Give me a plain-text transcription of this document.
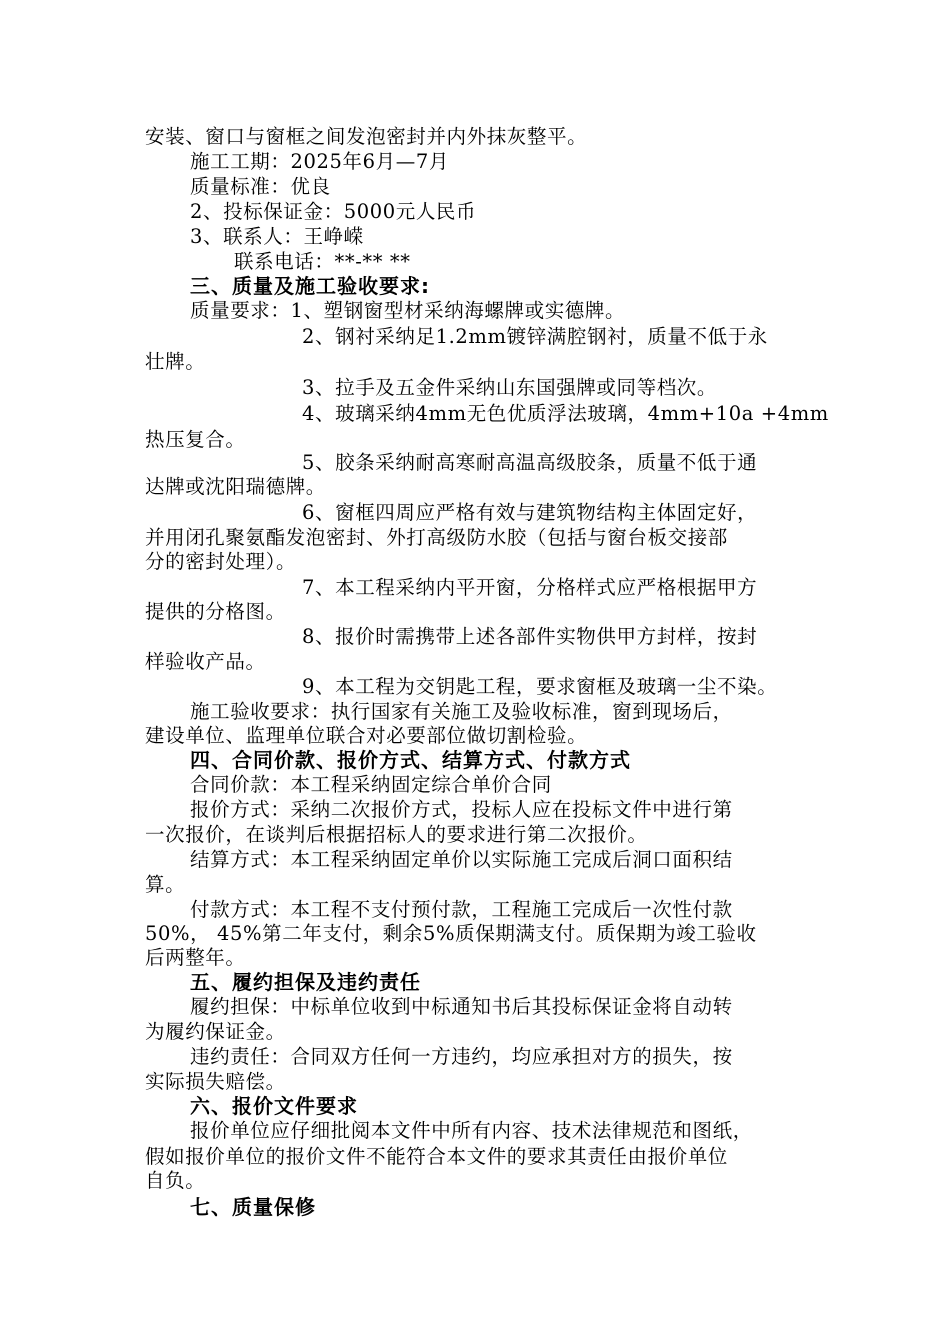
安装、窗口与窗框之间发泡密封并内外抹灰整平。
施工工期：2025年6月—7月
质量标准：优良
2、投标保证金：5000元人民币
3、联系人：王峥嵘
联系电话：**-** **
三、质量及施工验收要求:
质量要求：1、塑钢窗型材采纳海螺牌或实德牌。
2、钢衬采纳足1.2mm镀锌满腔钢衬，质量不低于永
壮牌。
3、拉手及五金件采纳山东国强牌或同等档次。
4、玻璃采纳4mm无色优质浮法玻璃，4mm+10a +4mm
热压复合。
5、胶条采纳耐高寒耐高温高级胶条，质量不低于通
达牌或沈阳瑞德牌。
6、窗框四周应严格有效与建筑物结构主体固定好，
并用闭孔聚氨酯发泡密封、外打高级防水胶（包括与窗台板交接部
分的密封处理）。
7、本工程采纳内平开窗，分格样式应严格根据甲方
提供的分格图。
8、报价时需携带上述各部件实物供甲方封样，按封
样验收产品。
9、本工程为交钥匙工程，要求窗框及玻璃一尘不染。
施工验收要求：执行国家有关施工及验收标准，窗到现场后，
建设单位、监理单位联合对必要部位做切割检验。
四、合同价款、报价方式、结算方式、付款方式
合同价款：本工程采纳固定综合单价合同
报价方式：采纳二次报价方式，投标人应在投标文件中进行第
一次报价，在谈判后根据招标人的要求进行第二次报价。
结算方式：本工程采纳固定单价以实际施工完成后洞口面积结
算。
付款方式：本工程不支付预付款，工程施工完成后一次性付款
50%， 45%第二年支付，剩余5%质保期满支付。质保期为竣工验收
后两整年。
五、履约担保及违约责任
履约担保：中标单位收到中标通知书后其投标保证金将自动转
为履约保证金。
违约责任：合同双方任何一方违约，均应承担对方的损失，按
实际损失赔偿。
六、报价文件要求
报价单位应仔细批阅本文件中所有内容、技术法律规范和图纸，
假如报价单位的报价文件不能符合本文件的要求其责任由报价单位
自负。
七、质量保修
